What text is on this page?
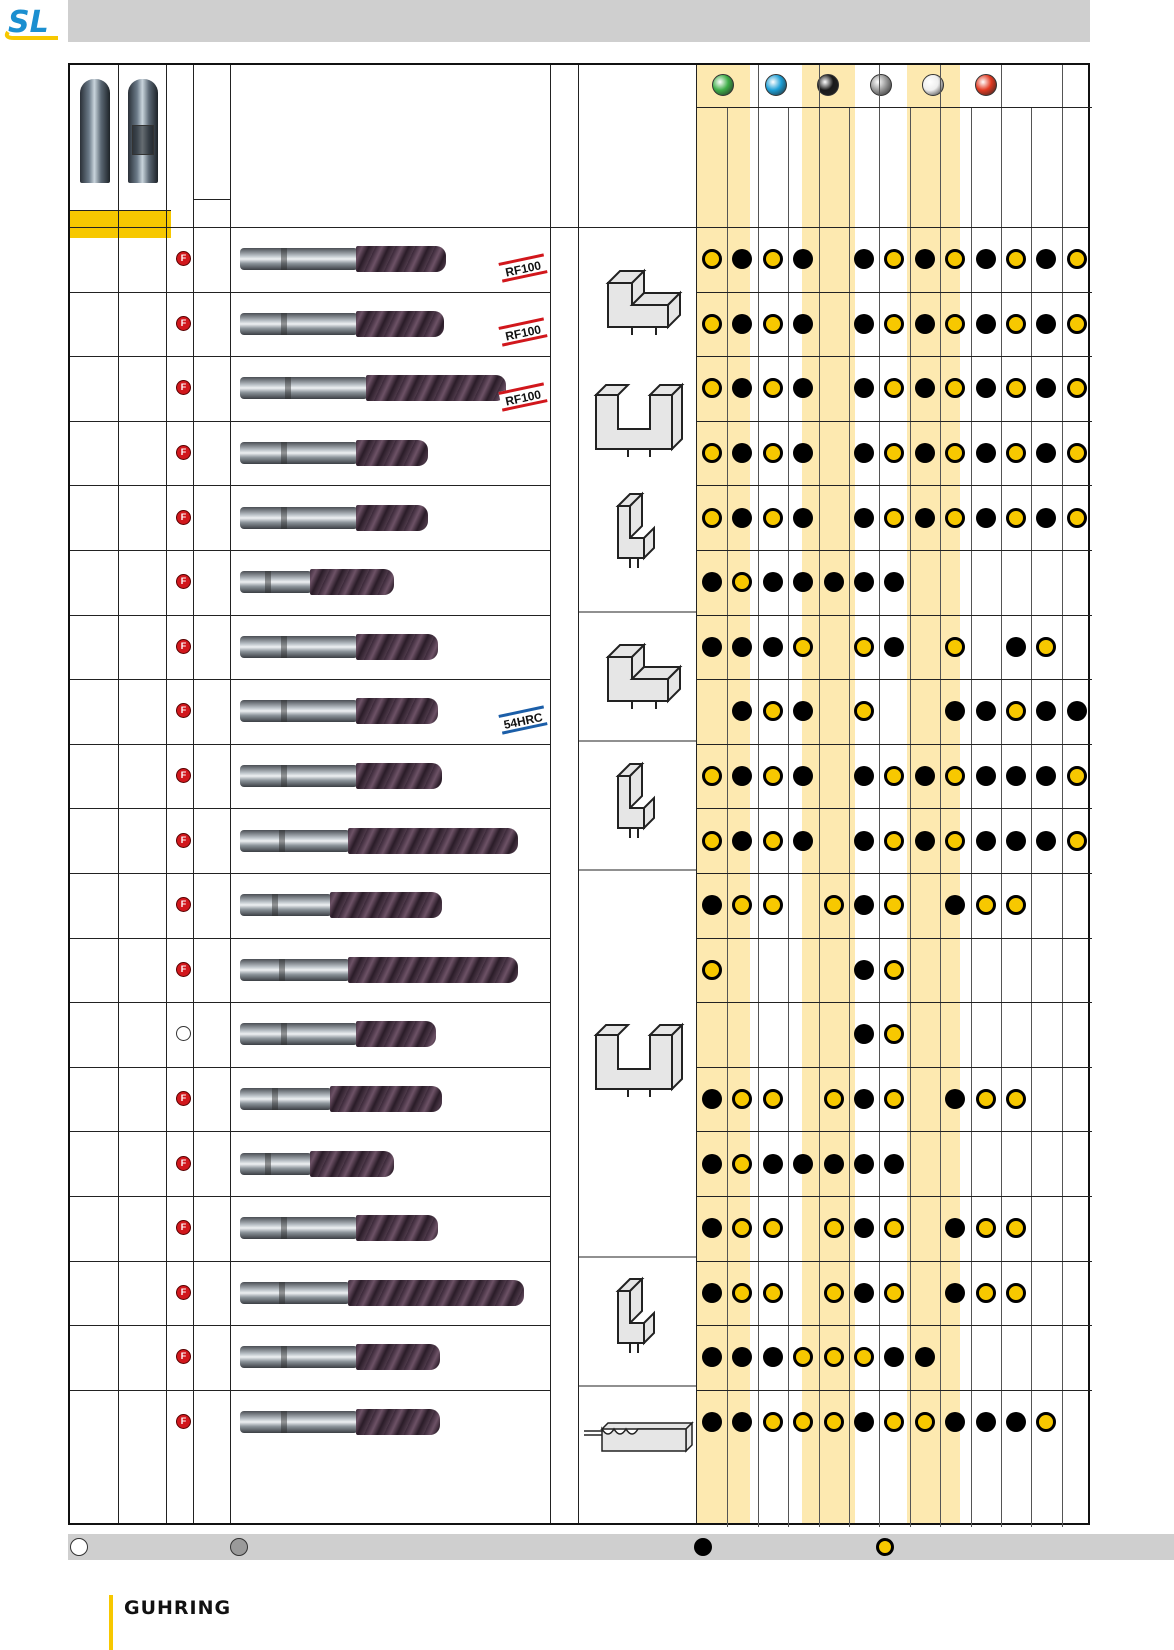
SL
F	RF100
F	RF100
F	RF100
F
F
F
F
F	54HRC
F
F
F
F
F
F
F
F
F
F
GUHRING
